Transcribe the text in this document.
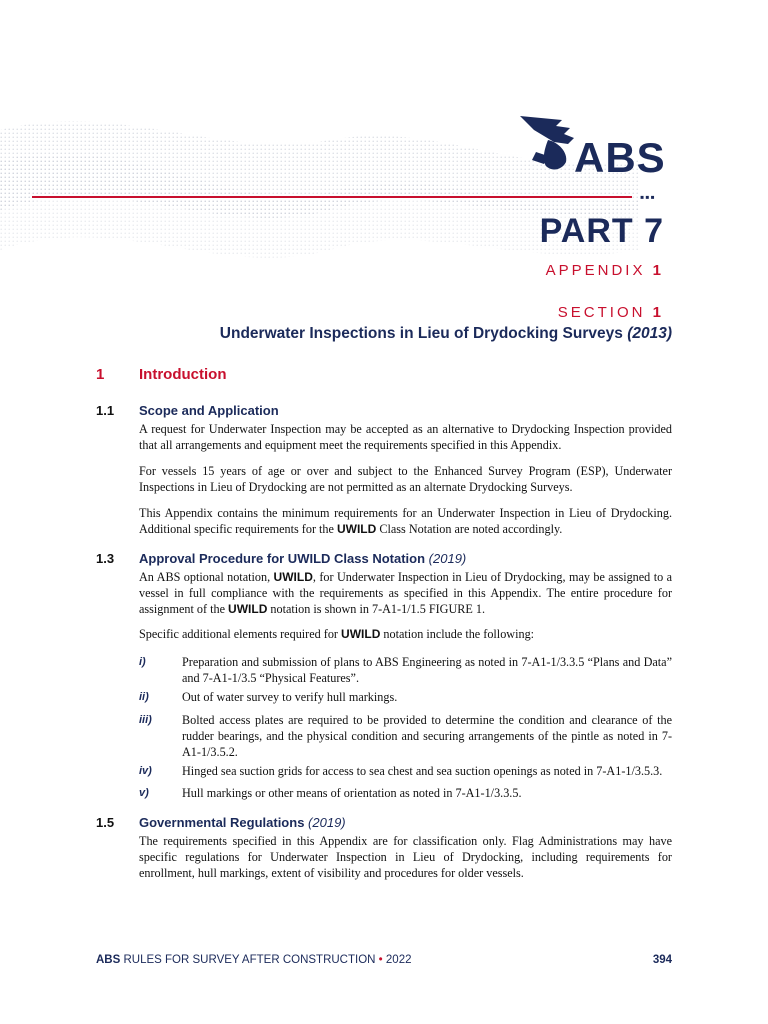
▪▪▪
ABS
PART 7
APPENDIX 1
SECTION 1
Underwater Inspections in Lieu of Drydocking Surveys (2013)
1 Introduction
1.1 Scope and Application
A request for Underwater Inspection may be accepted as an alternative to Drydocking Inspection provided that all arrangements and equipment meet the requirements specified in this Appendix.
For vessels 15 years of age or over and subject to the Enhanced Survey Program (ESP), Underwater Inspections in Lieu of Drydocking are not permitted as an alternate Drydocking Surveys.
This Appendix contains the minimum requirements for an Underwater Inspection in Lieu of Drydocking. Additional specific requirements for the UWILD Class Notation are noted accordingly.
1.3 Approval Procedure for UWILD Class Notation (2019)
An ABS optional notation, UWILD, for Underwater Inspection in Lieu of Drydocking, may be assigned to a vessel in full compliance with the requirements as specified in this Appendix. The entire procedure for assignment of the UWILD notation is shown in 7-A1-1/1.5 FIGURE 1.
Specific additional elements required for UWILD notation include the following:
i)	Preparation and submission of plans to ABS Engineering as noted in 7-A1-1/3.3.5 “Plans and Data” and 7-A1-1/3.5 “Physical Features”.
ii)	Out of water survey to verify hull markings.
iii) Bolted access plates are required to be provided to determine the condition and clearance of the rudder bearings, and the physical condition and securing arrangements of the pintle as noted in 7-A1-1/3.5.2.
iv) Hinged sea suction grids for access to sea chest and sea suction openings as noted in 7-A1-1/3.5.3.
v)	Hull markings or other means of orientation as noted in 7-A1-1/3.3.5.
1.5 Governmental Regulations (2019)
The requirements specified in this Appendix are for classification only. Flag Administrations may have specific regulations for Underwater Inspection in Lieu of Drydocking, including requirements for enrollment, hull markings, extent of visibility and procedures for older vessels.
ABS RULES FOR SURVEY AFTER CONSTRUCTION • 2022	394
